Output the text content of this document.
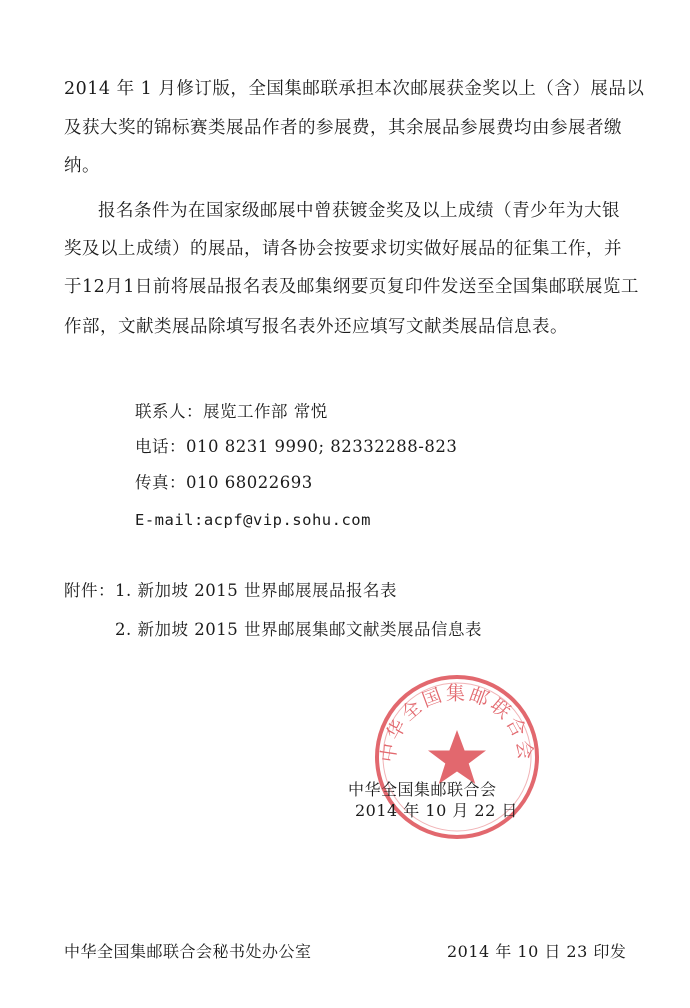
2014 年 1 月修订版，全国集邮联承担本次邮展获金奖以上（含）展品以
及获大奖的锦标赛类展品作者的参展费，其余展品参展费均由参展者缴
纳。
报名条件为在国家级邮展中曾获镀金奖及以上成绩（青少年为大银
奖及以上成绩）的展品，请各协会按要求切实做好展品的征集工作，并
于12月1日前将展品报名表及邮集纲要页复印件发送至全国集邮联展览工
作部，文献类展品除填写报名表外还应填写文献类展品信息表。
联系人：展览工作部 常悦
电话：010 8231 9990; 82332288-823
传真：010 68022693
E-mail:acpf@vip.sohu.com
附件： 1. 新加坡 2015 世界邮展展品报名表
2. 新加坡 2015 世界邮展集邮文献类展品信息表
中华全国集邮联合会
中华全国集邮联合会
2014 年 10 月 22 日
中华全国集邮联合会秘书处办公室	2014 年 10 日 23 印发
